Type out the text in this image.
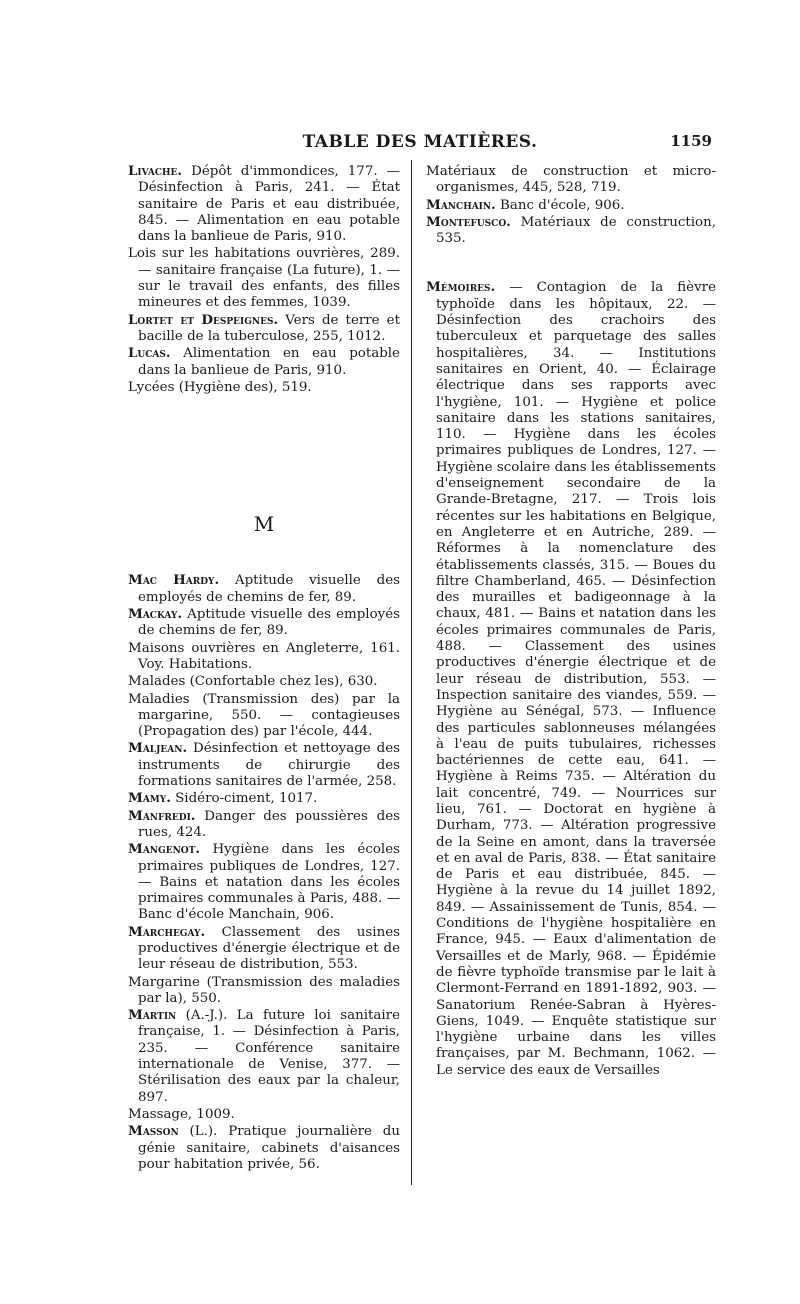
TABLE DES MATIÈRES.	1159
Livache. Dépôt d'immondices, 177. — Désinfection à Paris, 241. — État sanitaire de Paris et eau distribuée, 845. — Alimentation en eau potable dans la banlieue de Paris, 910.
Lois sur les habitations ouvrières, 289. — sanitaire française (La future), 1. — sur le travail des enfants, des filles mineures et des femmes, 1039.
Lortet et Despeignes. Vers de terre et bacille de la tuberculose, 255, 1012.
Lucas. Alimentation en eau potable dans la banlieue de Paris, 910.
Lycées (Hygiène des), 519.
M
Mac Hardy. Aptitude visuelle des employés de chemins de fer, 89.
Mackay. Aptitude visuelle des employés de chemins de fer, 89.
Maisons ouvrières en Angleterre, 161. Voy. Habitations.
Malades (Confortable chez les), 630.
Maladies (Transmission des) par la margarine, 550. — contagieuses (Propagation des) par l'école, 444.
Maljean. Désinfection et nettoyage des instruments de chirurgie des formations sanitaires de l'armée, 258.
Mamy. Sidéro-ciment, 1017.
Manfredi. Danger des poussières des rues, 424.
Mangenot. Hygiène dans les écoles primaires publiques de Londres, 127. — Bains et natation dans les écoles primaires communales à Paris, 488. — Banc d'école Manchain, 906.
Marchegay. Classement des usines productives d'énergie électrique et de leur réseau de distribution, 553.
Margarine (Transmission des maladies par la), 550.
Martin (A.-J.). La future loi sanitaire française, 1. — Désinfection à Paris, 235. — Conférence sanitaire internationale de Venise, 377. — Stérilisation des eaux par la chaleur, 897.
Massage, 1009.
Masson (L.). Pratique journalière du génie sanitaire, cabinets d'aisances pour habitation privée, 56.
Matériaux de construction et micro-organismes, 445, 528, 719.
Manchain. Banc d'école, 906.
Montefusco. Matériaux de construction, 535.
Mémoires. — Contagion de la fièvre typhoïde dans les hôpitaux, 22. — Désinfection des crachoirs des tuberculeux et parquetage des salles hospitalières, 34. — Institutions sanitaires en Orient, 40. — Éclairage électrique dans ses rapports avec l'hygiène, 101. — Hygiène et police sanitaire dans les stations sanitaires, 110. — Hygiène dans les écoles primaires publiques de Londres, 127. — Hygiène scolaire dans les établissements d'enseignement secondaire de la Grande-Bretagne, 217. — Trois lois récentes sur les habitations en Belgique, en Angleterre et en Autriche, 289. — Réformes à la nomenclature des établissements classés, 315. — Boues du filtre Chamberland, 465. — Désinfection des murailles et badigeonnage à la chaux, 481. — Bains et natation dans les écoles primaires communales de Paris, 488. — Classement des usines productives d'énergie électrique et de leur réseau de distribution, 553. — Inspection sanitaire des viandes, 559. — Hygiène au Sénégal, 573. — Influence des particules sablonneuses mélangées à l'eau de puits tubulaires, richesses bactériennes de cette eau, 641. — Hygiène à Reims 735. — Altération du lait concentré, 749. — Nourrices sur lieu, 761. — Doctorat en hygiène à Durham, 773. — Altération progressive de la Seine en amont, dans la traversée et en aval de Paris, 838. — État sanitaire de Paris et eau distribuée, 845. — Hygiène à la revue du 14 juillet 1892, 849. — Assainissement de Tunis, 854. — Conditions de l'hygiène hospitalière en France, 945. — Eaux d'alimentation de Versailles et de Marly, 968. — Épidémie de fièvre typhoïde transmise par le lait à Clermont-Ferrand en 1891-1892, 903. — Sanatorium Renée-Sabran à Hyères-Giens, 1049. — Enquête statistique sur l'hygiène urbaine dans les villes françaises, par M. Bechmann, 1062. — Le service des eaux de Versailles
